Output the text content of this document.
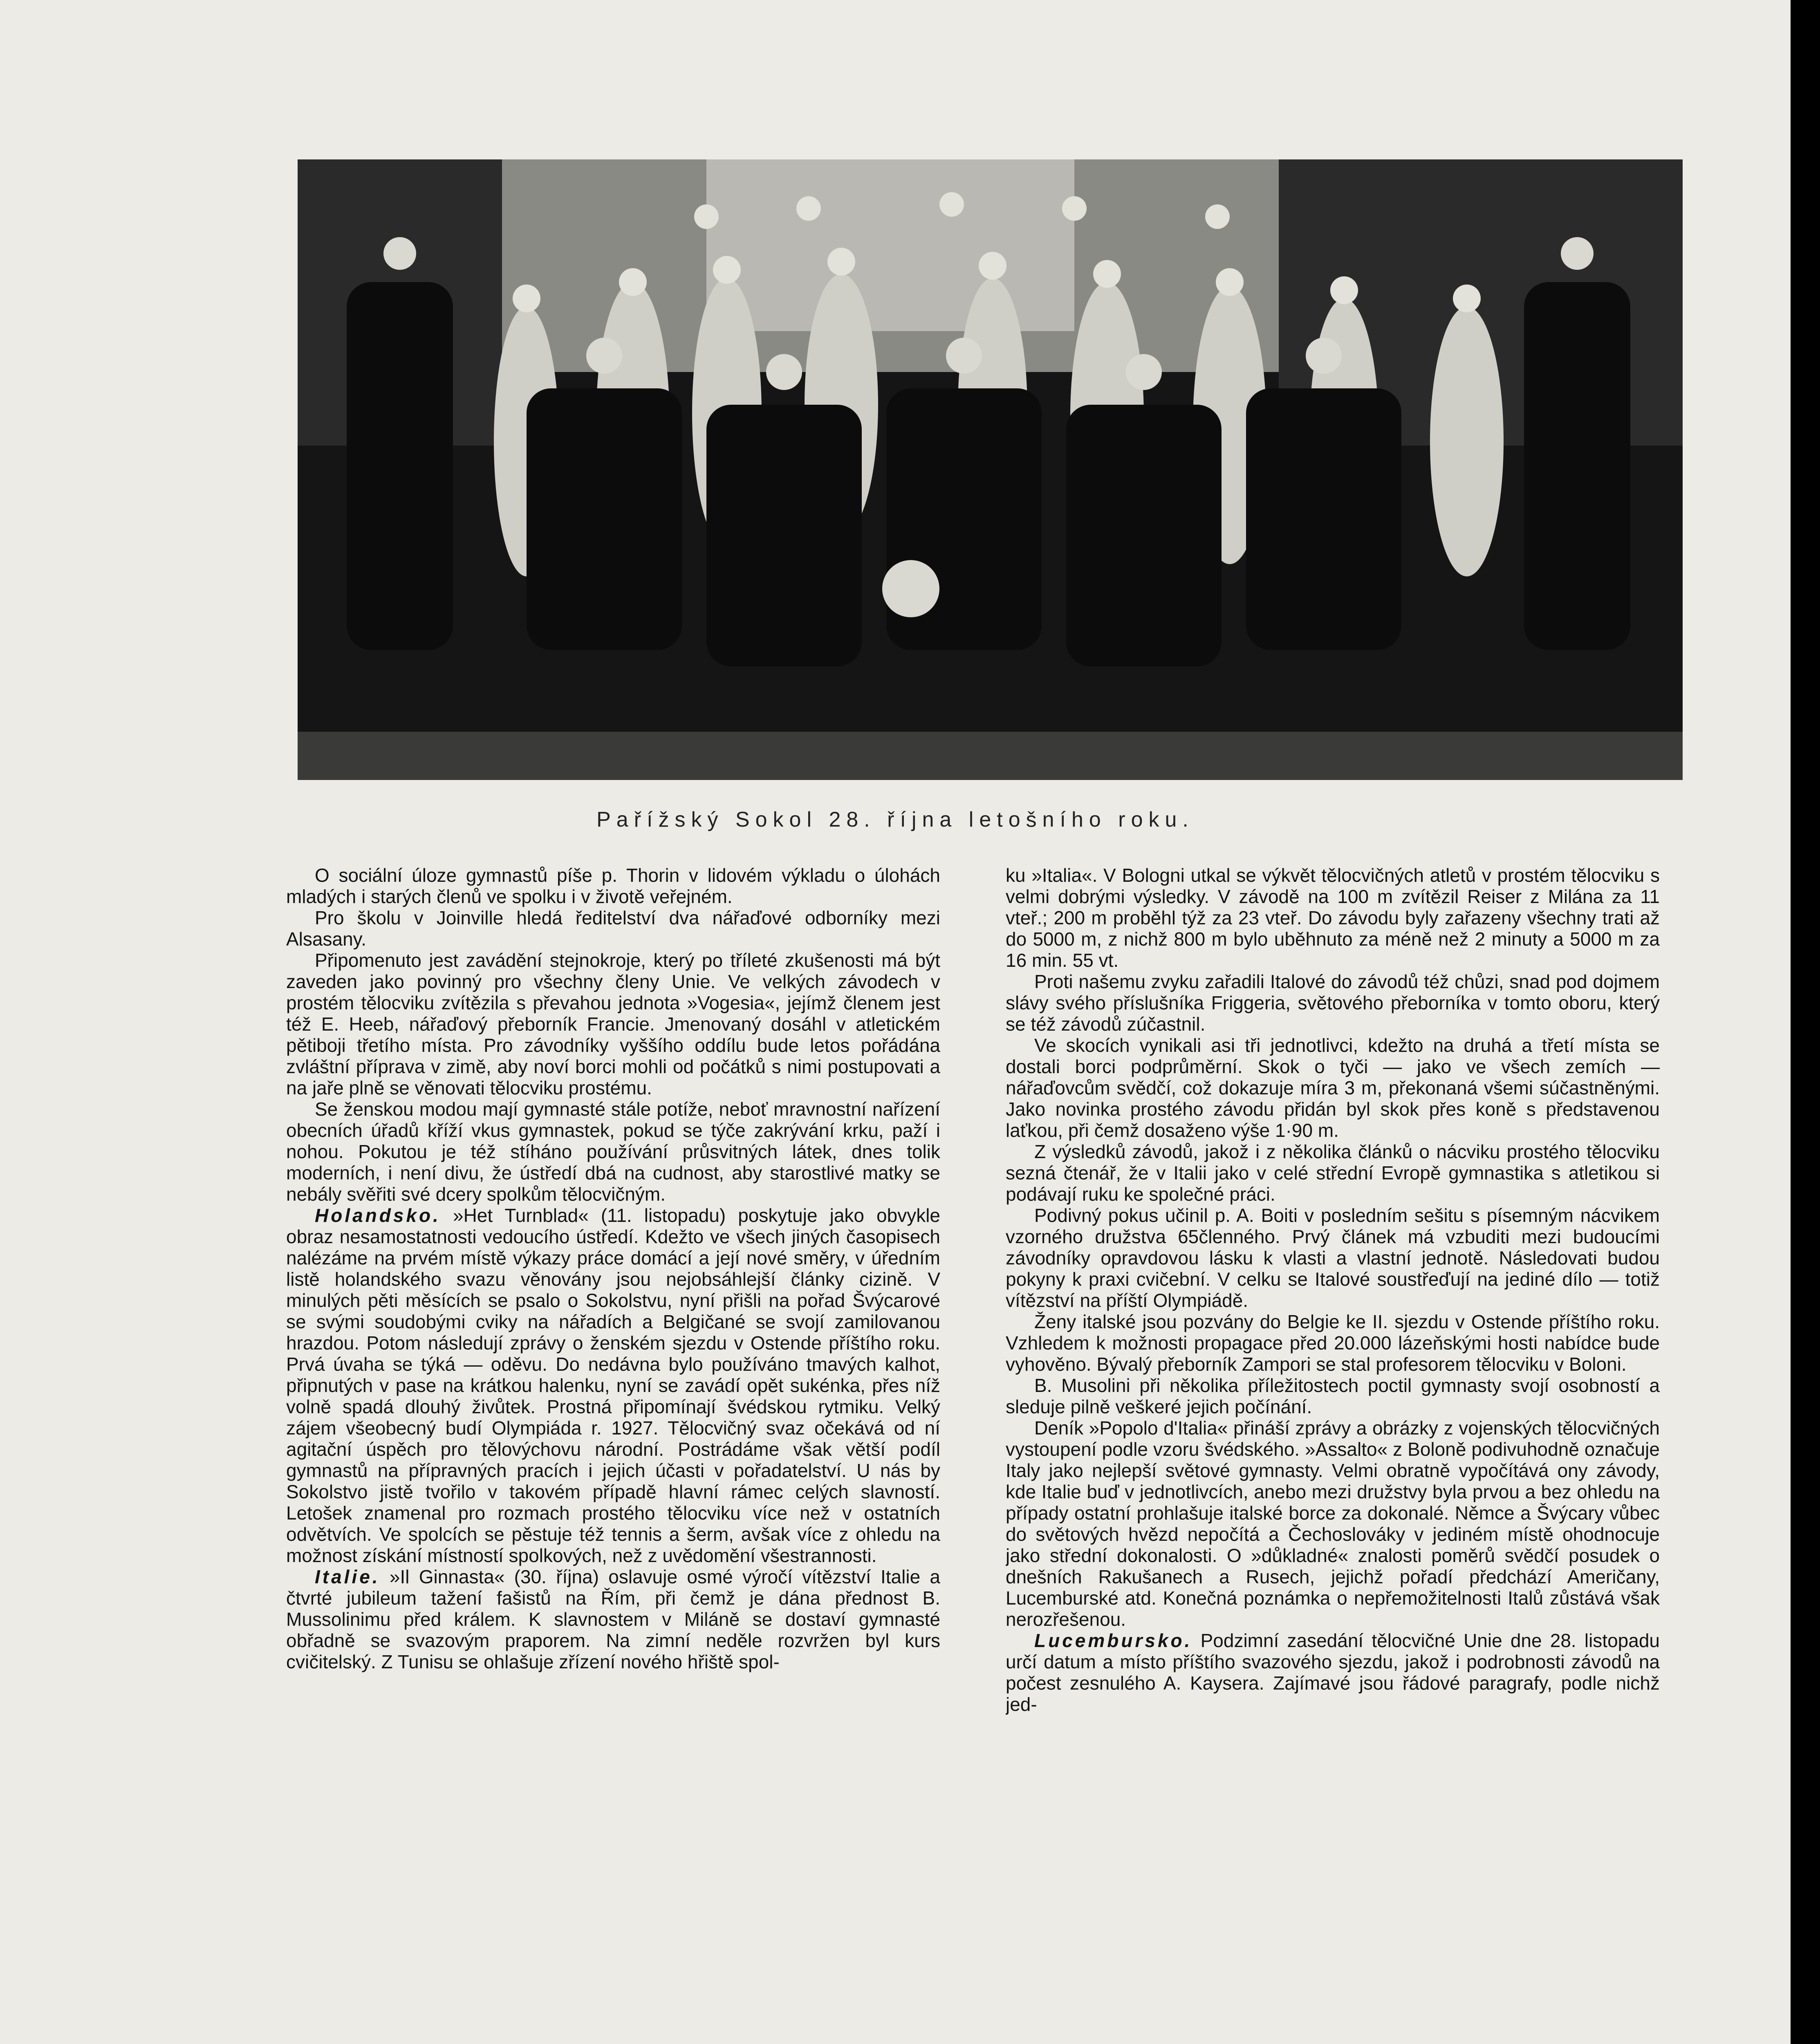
Pařížský Sokol 28. října letošního roku.

O sociální úloze gymnastů píše p. Thorin v lidovém výkladu o úlohách mladých i starých členů ve spolku i v životě veřejném.

Pro školu v Joinville hledá ředitelství dva nářaďové odborníky mezi Alsasany.

Připomenuto jest zavádění stejnokroje, který po tříleté zkušenosti má být zaveden jako povinný pro všechny členy Unie. Ve velkých závodech v prostém tělocviku zvítězila s převahou jednota »Vogesia«, jejímž členem jest též E. Heeb, nářaďový přeborník Francie. Jmenovaný dosáhl v atletickém pětiboji třetího místa. Pro závodníky vyššího oddílu bude letos pořádána zvláštní příprava v zimě, aby noví borci mohli od počátků s nimi postupovati a na jaře plně se věnovati tělocviku prostému.

Se ženskou modou mají gymnasté stále potíže, neboť mravnostní nařízení obecních úřadů kříží vkus gymnastek, pokud se týče zakrývání krku, paží i nohou. Pokutou je též stíháno používání průsvitných látek, dnes tolik moderních, i není divu, že ústředí dbá na cudnost, aby starostlivé matky se nebály svěřiti své dcery spolkům tělocvičným.

Holandsko. »Het Turnblad« (11. listopadu) poskytuje jako obvykle obraz nesamostatnosti vedoucího ústředí. Kdežto ve všech jiných časopisech nalézáme na prvém místě výkazy práce domácí a její nové směry, v úředním listě holandského svazu věnovány jsou nejobsáhlejší články cizině. V minulých pěti měsících se psalo o Sokolstvu, nyní přišli na pořad Švýcarové se svými soudobými cviky na nářadích a Belgičané se svojí zamilovanou hrazdou. Potom následují zprávy o ženském sjezdu v Ostende příštího roku. Prvá úvaha se týká — oděvu. Do nedávna bylo používáno tmavých kalhot, připnutých v pase na krátkou halenku, nyní se zavádí opět sukénka, přes níž volně spadá dlouhý živůtek. Prostná připomínají švédskou rytmiku. Velký zájem všeobecný budí Olympiáda r. 1927. Tělocvičný svaz očekává od ní agitační úspěch pro tělovýchovu národní. Postrádáme však větší podíl gymnastů na přípravných pracích i jejich účasti v pořadatelství. U nás by Sokolstvo jistě tvořilo v takovém případě hlavní rámec celých slavností. Letošek znamenal pro rozmach prostého tělocviku více než v ostatních odvětvích. Ve spolcích se pěstuje též tennis a šerm, avšak více z ohledu na možnost získání místností spolkových, než z uvědomění všestrannosti.

Italie. »Il Ginnasta« (30. října) oslavuje osmé výročí vítězství Italie a čtvrté jubileum tažení fašistů na Řím, při čemž je dána přednost B. Mussolinimu před králem. K slavnostem v Miláně se dostaví gymnasté obřadně se svazovým praporem. Na zimní neděle rozvržen byl kurs cvičitelský. Z Tunisu se ohlašuje zřízení nového hřiště spol-

ku »Italia«. V Bologni utkal se výkvět tělocvičných atletů v prostém tělocviku s velmi dobrými výsledky. V závodě na 100 m zvítězil Reiser z Milána za 11 vteř.; 200 m proběhl týž za 23 vteř. Do závodu byly zařazeny všechny trati až do 5000 m, z nichž 800 m bylo uběhnuto za méně než 2 minuty a 5000 m za 16 min. 55 vt.

Proti našemu zvyku zařadili Italové do závodů též chůzi, snad pod dojmem slávy svého příslušníka Friggeria, světového přeborníka v tomto oboru, který se též závodů zúčastnil.

Ve skocích vynikali asi tři jednotlivci, kdežto na druhá a třetí místa se dostali borci podprůměrní. Skok o tyči — jako ve všech zemích — nářaďovcům svědčí, což dokazuje míra 3 m, překonaná všemi súčastněnými. Jako novinka prostého závodu přidán byl skok přes koně s představenou laťkou, při čemž dosaženo výše 1·90 m.

Z výsledků závodů, jakož i z několika článků o nácviku prostého tělocviku sezná čtenář, že v Italii jako v celé střední Evropě gymnastika s atletikou si podávají ruku ke společné práci.

Podivný pokus učinil p. A. Boiti v posledním sešitu s písemným nácvikem vzorného družstva 65členného. Prvý článek má vzbuditi mezi budoucími závodníky opravdovou lásku k vlasti a vlastní jednotě. Následovati budou pokyny k praxi cvičební. V celku se Italové soustřeďují na jediné dílo — totiž vítězství na příští Olympiádě.

Ženy italské jsou pozvány do Belgie ke II. sjezdu v Ostende příštího roku. Vzhledem k možnosti propagace před 20.000 lázeňskými hosti nabídce bude vyhověno. Bývalý přeborník Zampori se stal profesorem tělocviku v Boloni.

B. Musolini při několika příležitostech poctil gymnasty svojí osobností a sleduje pilně veškeré jejich počínání.

Deník »Popolo d'Italia« přináší zprávy a obrázky z vojenských tělocvičných vystoupení podle vzoru švédského. »Assalto« z Boloně podivuhodně označuje Italy jako nejlepší světové gymnasty. Velmi obratně vypočítává ony závody, kde Italie buď v jednotlivcích, anebo mezi družstvy byla prvou a bez ohledu na případy ostatní prohlašuje italské borce za dokonalé. Němce a Švýcary vůbec do světových hvězd nepočítá a Čechoslováky v jediném místě ohodnocuje jako střední dokonalosti. O »důkladné« znalosti poměrů svědčí posudek o dnešních Rakušanech a Rusech, jejichž pořadí předchází Američany, Lucemburské atd. Konečná poznámka o nepřemožitelnosti Italů zůstává však nerozřešenou.

Lucembursko. Podzimní zasedání tělocvičné Unie dne 28. listopadu určí datum a místo příštího svazového sjezdu, jakož i podrobnosti závodů na počest zesnulého A. Kaysera. Zajímavé jsou řádové paragrafy, podle nichž jed-
